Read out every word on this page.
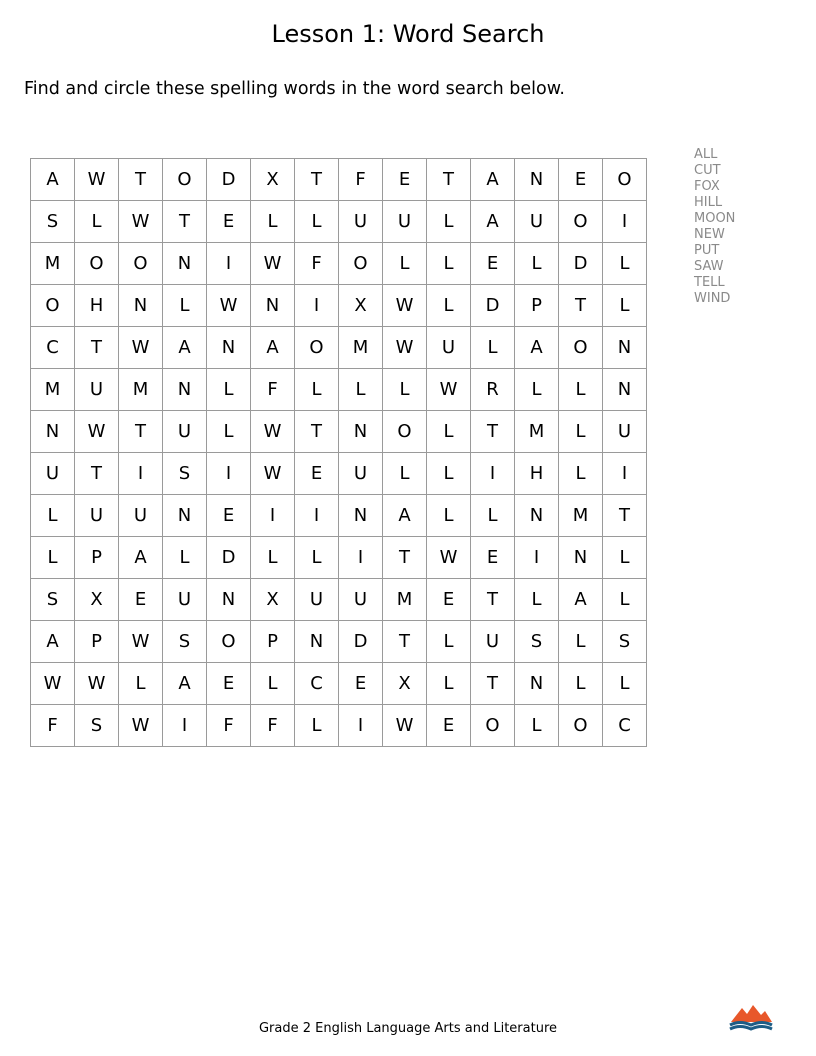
Lesson 1: Word Search

Find and circle these spelling words in the word search below.

A	W	T	O	D	X	T	F	E	T	A	N	E	O
S	L	W	T	E	L	L	U	U	L	A	U	O	I
M	O	O	N	I	W	F	O	L	L	E	L	D	L
O	H	N	L	W	N	I	X	W	L	D	P	T	L
C	T	W	A	N	A	O	M	W	U	L	A	O	N
M	U	M	N	L	F	L	L	L	W	R	L	L	N
N	W	T	U	L	W	T	N	O	L	T	M	L	U
U	T	I	S	I	W	E	U	L	L	I	H	L	I
L	U	U	N	E	I	I	N	A	L	L	N	M	T
L	P	A	L	D	L	L	I	T	W	E	I	N	L
S	X	E	U	N	X	U	U	M	E	T	L	A	L
A	P	W	S	O	P	N	D	T	L	U	S	L	S
W	W	L	A	E	L	C	E	X	L	T	N	L	L
F	S	W	I	F	F	L	I	W	E	O	L	O	C
ALL
CUT
FOX
HILL
MOON
NEW
PUT
SAW
TELL
WIND

Grade 2 English Language Arts and Literature
